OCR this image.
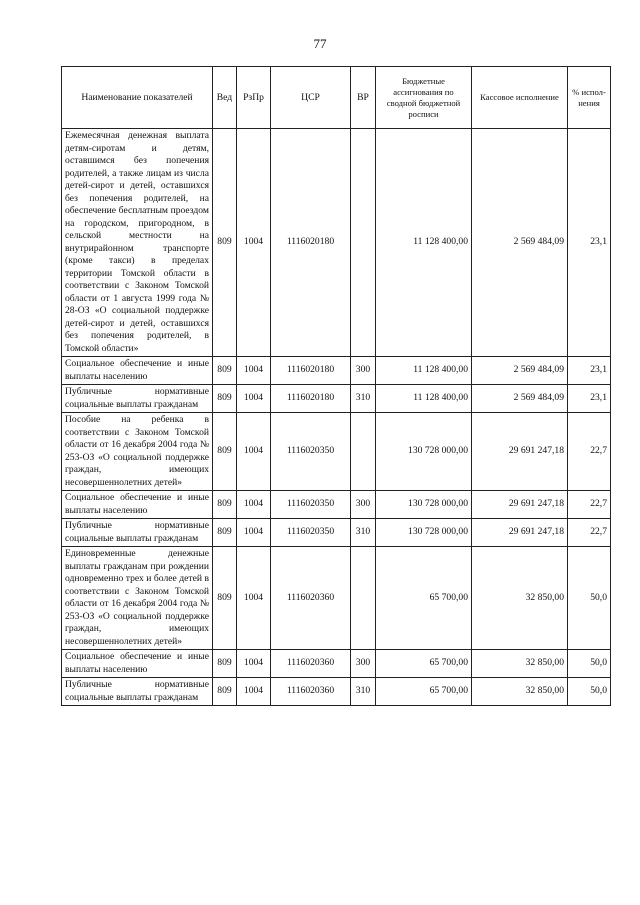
77
Наименование показателей	Вед	РзПр	ЦСР	ВР	Бюджетные ассигнования по сводной бюджетной росписи	Кассовое исполнение	% испол-нения
Ежемесячная денежная выплата детям-сиротам и детям, оставшимся без попечения родителей, а также лицам из числа детей-сирот и детей, оставшихся без попечения родителей, на обеспечение бесплатным проездом на городском, пригородном, в сельской местности на внутрирайонном транспорте (кроме такси) в пределах территории Томской области в соответствии с Законом Томской области от 1 августа 1999 года № 28-ОЗ «О социальной поддержке детей-сирот и детей, оставшихся без попечения родителей, в Томской области»	809	1004	1116020180		11 128 400,00	2 569 484,09	23,1
Социальное обеспечение и иные выплаты населению	809	1004	1116020180	300	11 128 400,00	2 569 484,09	23,1
Публичные нормативные социальные выплаты гражданам	809	1004	1116020180	310	11 128 400,00	2 569 484,09	23,1
Пособие на ребенка в соответствии с Законом Томской области от 16 декабря 2004 года № 253-ОЗ «О социальной поддержке граждан, имеющих несовершеннолетних детей»	809	1004	1116020350		130 728 000,00	29 691 247,18	22,7
Социальное обеспечение и иные выплаты населению	809	1004	1116020350	300	130 728 000,00	29 691 247,18	22,7
Публичные нормативные социальные выплаты гражданам	809	1004	1116020350	310	130 728 000,00	29 691 247,18	22,7
Единовременные денежные выплаты гражданам при рождении одновременно трех и более детей в соответствии с Законом Томской области от 16 декабря 2004 года № 253-ОЗ «О социальной поддержке граждан, имеющих несовершеннолетних детей»	809	1004	1116020360		65 700,00	32 850,00	50,0
Социальное обеспечение и иные выплаты населению	809	1004	1116020360	300	65 700,00	32 850,00	50,0
Публичные нормативные социальные выплаты гражданам	809	1004	1116020360	310	65 700,00	32 850,00	50,0
